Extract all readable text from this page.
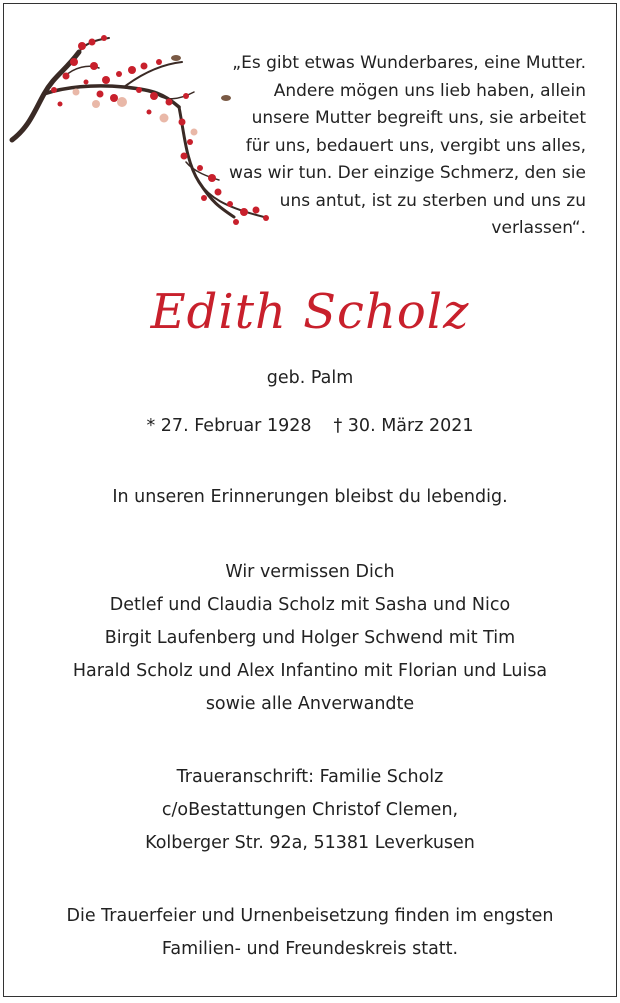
„Es gibt etwas Wunderbares, eine Mutter.
Andere mögen uns lieb haben, allein
unsere Mutter begreift uns, sie arbeitet
für uns, bedauert uns, vergibt uns alles,
was wir tun. Der einzige Schmerz, den sie
uns antut, ist zu sterben und uns zu
verlassen“.
Edith Scholz
geb. Palm
* 27. Februar 1928 † 30. März 2021
In unseren Erinnerungen bleibst du lebendig.
Wir vermissen Dich
Detlef und Claudia Scholz mit Sasha und Nico
Birgit Laufenberg und Holger Schwend mit Tim
Harald Scholz und Alex Infantino mit Florian und Luisa
sowie alle Anverwandte
Traueranschrift: Familie Scholz
c/oBestattungen Christof Clemen,
Kolberger Str. 92a, 51381 Leverkusen
Die Trauerfeier und Urnenbeisetzung finden im engsten
Familien- und Freundeskreis statt.
